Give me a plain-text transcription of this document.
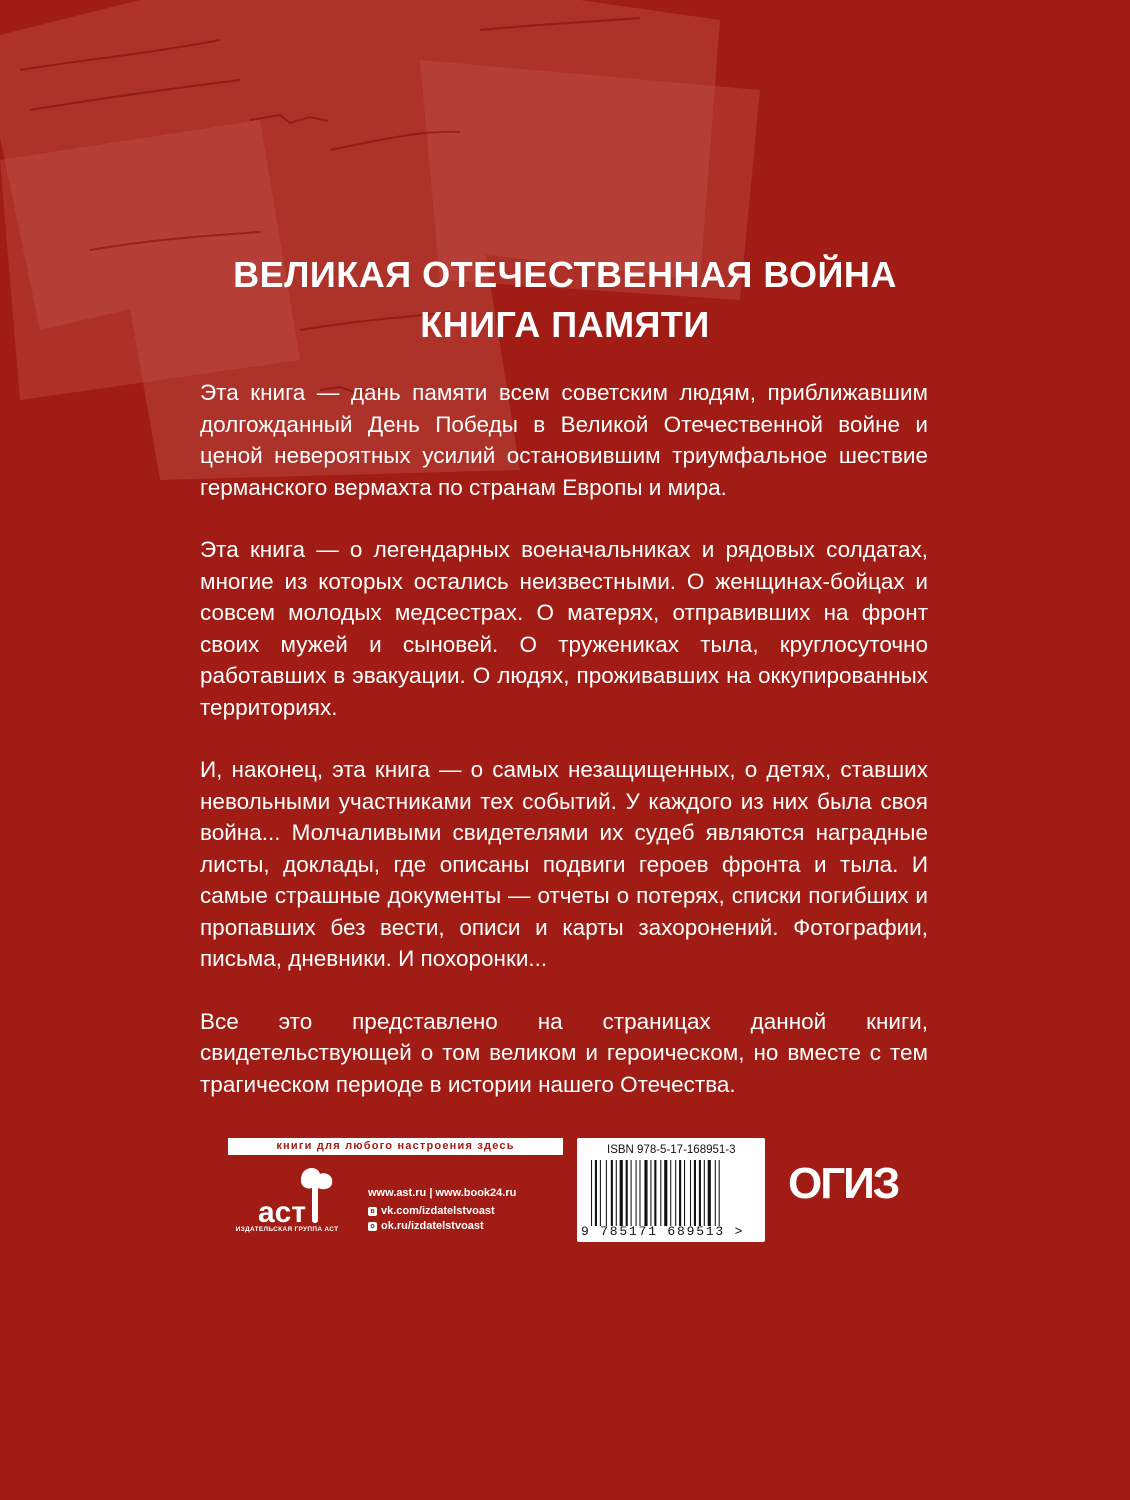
ВЕЛИКАЯ ОТЕЧЕСТВЕННАЯ ВОЙНА
КНИГА ПАМЯТИ

Эта книга — дань памяти всем советским людям, приближавшим долгожданный День Победы в Великой Отечественной войне и ценой невероятных усилий остановившим триумфальное шествие германского вермахта по странам Европы и мира.

Эта книга — о легендарных военачальниках и рядовых солдатах, многие из которых остались неизвестными. О женщинах-бойцах и совсем молодых медсестрах. О матерях, отправивших на фронт своих мужей и сыновей. О тружениках тыла, круглосуточно работавших в эвакуации. О людях, проживавших на оккупированных территориях.

И, наконец, эта книга — о самых незащищенных, о детях, ставших невольными участниками тех событий. У каждого из них была своя война... Молчаливыми свидетелями их судеб являются наградные листы, доклады, где описаны подвиги героев фронта и тыла. И самые страшные документы — отчеты о потерях, списки погибших и пропавших без вести, описи и карты захоронений. Фотографии, письма, дневники. И похоронки...

Все это представлено на страницах данной книги, свидетельствующей о том великом и героическом, но вместе с тем трагическом периоде в истории нашего Отечества.

книги для любого настроения здесь
аст
ИЗДАТЕЛЬСКАЯ ГРУППА АСТ
www.ast.ru | www.book24.ru
в vk.com/izdatelstvoast
о ok.ru/izdatelstvoast
ISBN 978-5-17-168951-3
9 785171 689513 >
ОГИЗ
